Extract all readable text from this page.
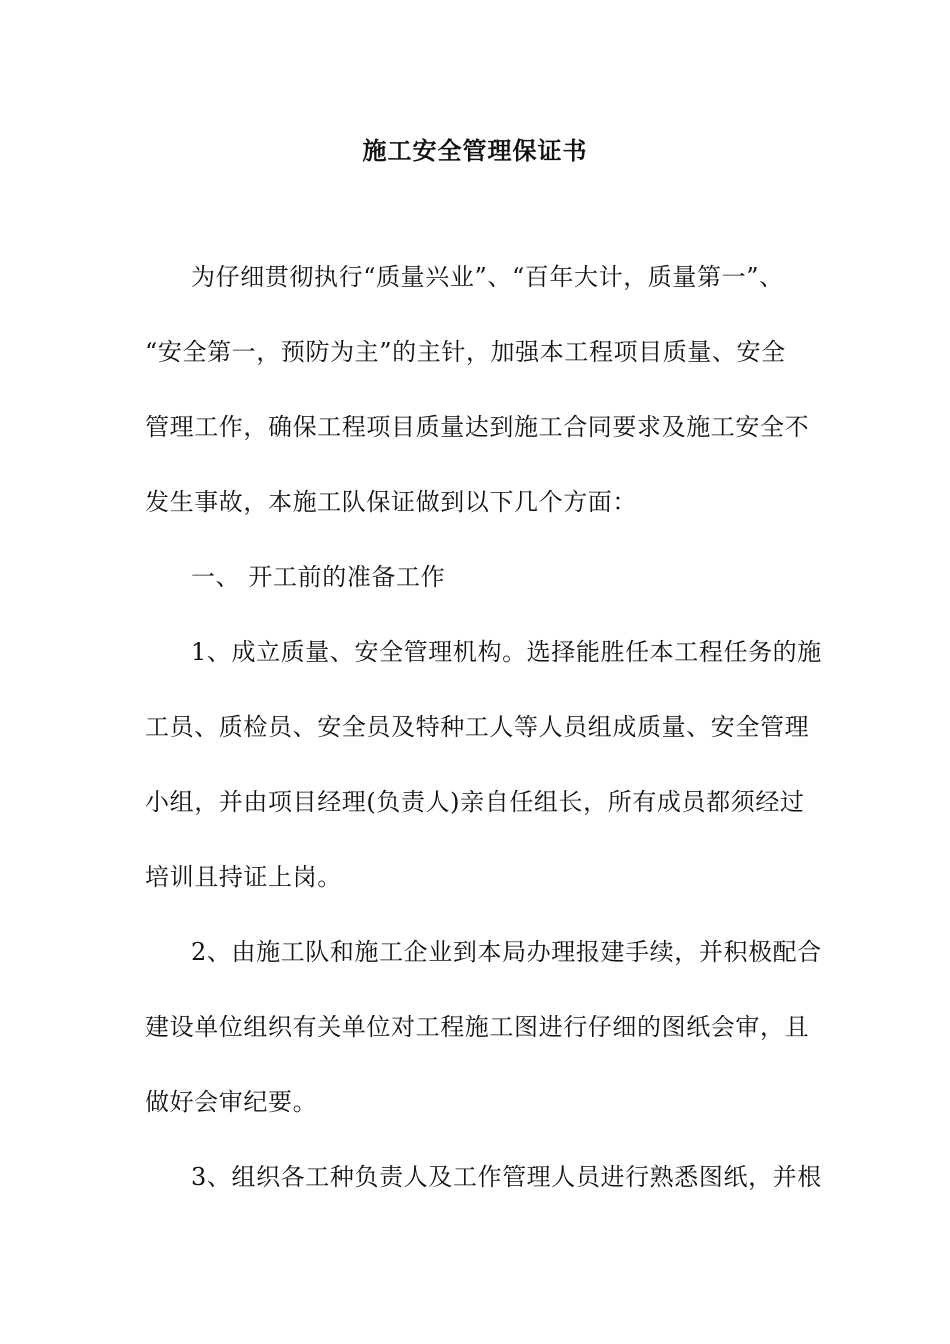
施工安全管理保证书
为仔细贯彻执行“质量兴业”、“百年大计，质量第一”、
“安全第一，预防为主”的主针，加强本工程项目质量、安全
管理工作，确保工程项目质量达到施工合同要求及施工安全不
发生事故，本施工队保证做到以下几个方面：
一、 开工前的准备工作
1、成立质量、安全管理机构。选择能胜任本工程任务的施
工员、质检员、安全员及特种工人等人员组成质量、安全管理
小组，并由项目经理(负责人)亲自任组长，所有成员都须经过
培训且持证上岗。
2、由施工队和施工企业到本局办理报建手续，并积极配合
建设单位组织有关单位对工程施工图进行仔细的图纸会审，且
做好会审纪要。
3、组织各工种负责人及工作管理人员进行熟悉图纸，并根
